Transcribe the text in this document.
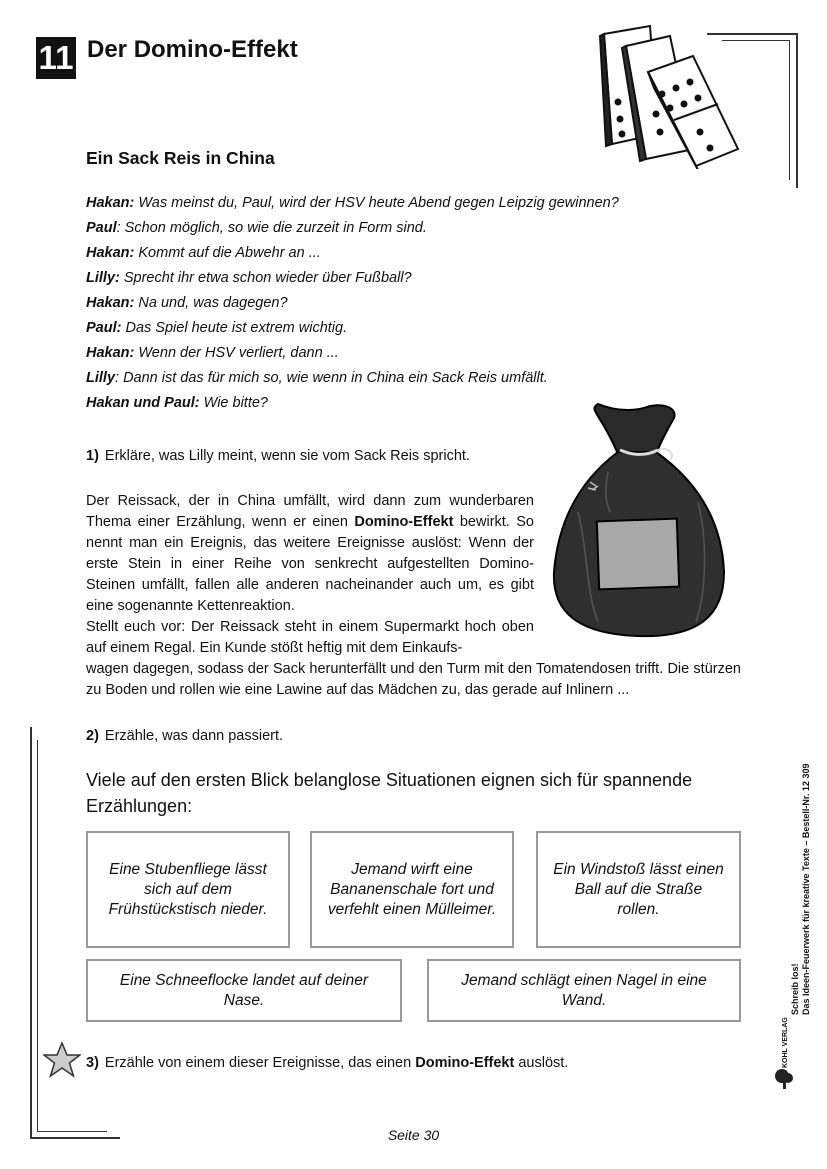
11 Der Domino-Effekt
Ein Sack Reis in China
Hakan: Was meinst du, Paul, wird der HSV heute Abend gegen Leipzig gewinnen?
Paul: Schon möglich, so wie die zurzeit in Form sind.
Hakan: Kommt auf die Abwehr an ...
Lilly: Sprecht ihr etwa schon wieder über Fußball?
Hakan: Na und, was dagegen?
Paul: Das Spiel heute ist extrem wichtig.
Hakan: Wenn der HSV verliert, dann ...
Lilly: Dann ist das für mich so, wie wenn in China ein Sack Reis umfällt.
Hakan und Paul: Wie bitte?
1) Erkläre, was Lilly meint, wenn sie vom Sack Reis spricht.

Der Reissack, der in China umfällt, wird dann zum wunderbaren Thema einer Erzählung, wenn er einen Domino-Effekt bewirkt. So nennt man ein Ereignis, das weitere Ereignisse auslöst: Wenn der erste Stein in einer Reihe von senkrecht aufgestellten Domino-Steinen umfällt, fallen alle anderen nacheinander auch um, es gibt eine sogenannte Kettenreaktion.
Stellt euch vor: Der Reissack steht in einem Supermarkt hoch oben auf einem Regal. Ein Kunde stößt heftig mit dem Einkaufs-

wagen dagegen, sodass der Sack herunterfällt und den Turm mit den Tomatendosen trifft. Die stürzen zu Boden und rollen wie eine Lawine auf das Mädchen zu, das gerade auf Inlinern ...

2) Erzähle, was dann passiert.
Viele auf den ersten Blick belanglose Situationen eignen sich für spannende Erzählungen:
Eine Stubenfliege lässt sich auf dem Frühstückstisch nieder.
Jemand wirft eine Bananenschale fort und verfehlt einen Mülleimer.
Ein Windstoß lässt einen Ball auf die Straße rollen.
Eine Schneeflocke landet auf deiner Nase.
Jemand schlägt einen Nagel in eine Wand.
3) Erzähle von einem dieser Ereignisse, das einen Domino-Effekt auslöst.
Schreib los! Das Ideen-Feuerwerk für kreative Texte – Bestell-Nr. 12 309
KOHL VERLAG
Seite 30
